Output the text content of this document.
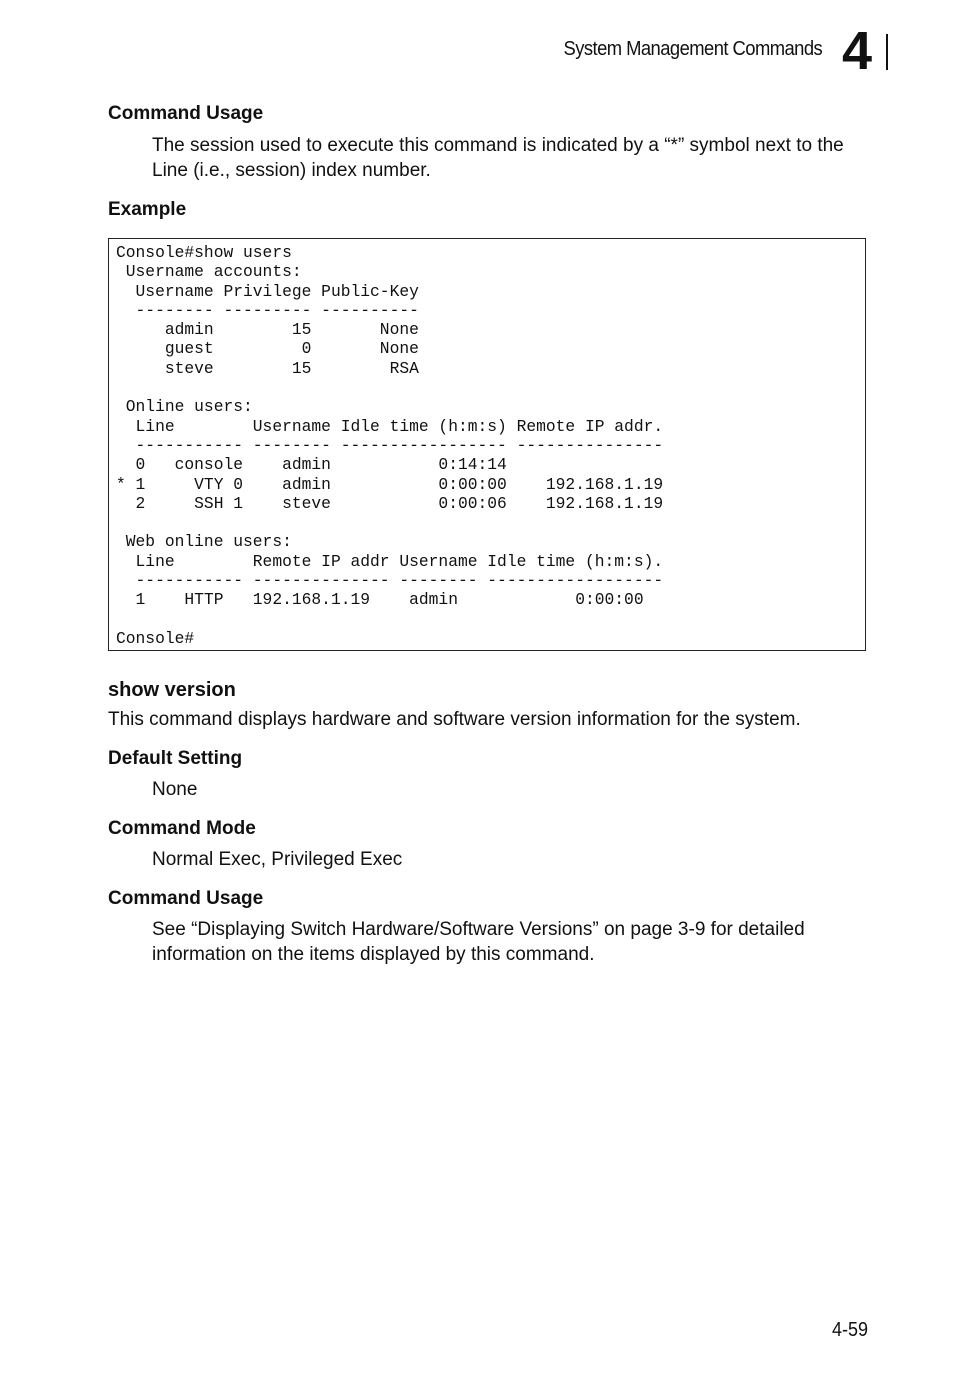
System Management Commands 4
Command Usage
The session used to execute this command is indicated by a “*” symbol next to the Line (i.e., session) index number.
Example
Console#show users
Username accounts:
Username Privilege Public-Key
-------- --------- ----------
admin        15       None
guest         0       None
steve        15        RSA

Online users:
Line        Username Idle time (h:m:s) Remote IP addr.
----------- -------- ----------------- ---------------
0   console    admin           0:14:14
* 1     VTY 0    admin           0:00:00    192.168.1.19
2     SSH 1    steve           0:00:06    192.168.1.19

Web online users:
Line        Remote IP addr Username Idle time (h:m:s).
----------- -------------- -------- ------------------
1    HTTP   192.168.1.19    admin            0:00:00

Console#
show version
This command displays hardware and software version information for the system.
Default Setting
None
Command Mode
Normal Exec, Privileged Exec
Command Usage
See “Displaying Switch Hardware/Software Versions” on page 3-9 for detailed information on the items displayed by this command.
4-59
